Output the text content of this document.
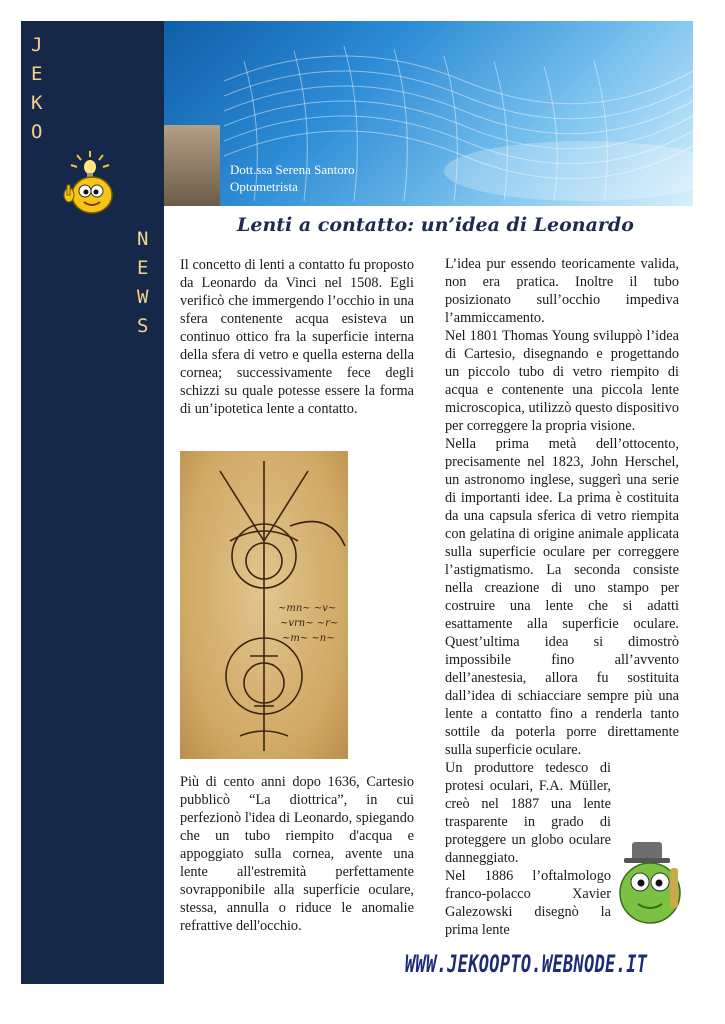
J
E
K
O
N
E
W
S
Dott.ssa Serena Santoro
Optometrista
Lenti a contatto: un’idea di Leonardo

Il concetto di lenti a contatto fu proposto da Leonardo da Vinci nel 1508. Egli verificò che immergendo l’occhio in una sfera contenente acqua esisteva un continuo ottico fra la superficie interna della sfera di vetro e quella esterna della cornea; successivamente fece degli schizzi su quale potesse essere la forma di un’ipotetica lente a contatto.

~mn~ ~v~
~vrn~ ~r~
~m~ ~n~

Più di cento anni dopo 1636, Cartesio pubblicò “La diottrica”, in cui perfezionò l'idea di Leonardo, spiegando che un tubo riempito d'acqua e appoggiato sulla cornea, avente una lente all'estremità perfettamente sovrapponibile alla superficie oculare, stessa, annulla o riduce le anomalie refrattive dell'occhio.

L’idea pur essendo teoricamente valida, non era pratica. Inoltre il tubo posizionato sull’occhio impediva l’ammiccamento.

Nel 1801 Thomas Young sviluppò l’idea di Cartesio, disegnando e progettando un piccolo tubo di vetro riempito di acqua e contenente una piccola lente microscopica, utilizzò questo dispositivo per correggere la propria visione.

Nella prima metà dell’ottocento, precisamente nel 1823, John Herschel, un astronomo inglese, suggerì una serie di importanti idee. La prima è costituita da una capsula sferica di vetro riempita con gelatina di origine animale applicata sulla superficie oculare per correggere l’astigmatismo. La seconda consiste nella creazione di uno stampo per costruire una lente che si adatti esattamente alla superficie oculare. Quest’ultima idea si dimostrò impossibile fino all’avvento dell’anestesia, allora fu sostituita dall’idea di schiacciare sempre più una lente a contatto fino a renderla tanto sottile da poterla porre direttamente sulla superficie oculare.

Un produttore tedesco di protesi oculari, F.A. Müller, creò nel 1887 una lente trasparente in grado di proteggere un globo oculare danneggiato.

Nel 1886 l’oftalmologo franco-polacco Xavier Galezowski disegnò la prima lente

WWW.JEKOOPTO.WEBNODE.IT
